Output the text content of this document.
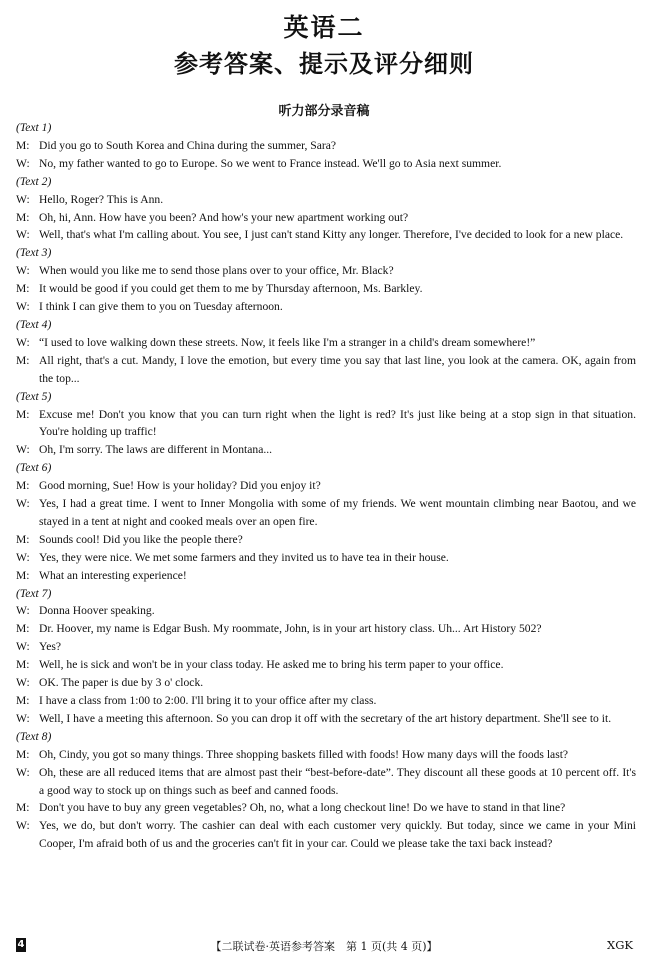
英语二
参考答案、提示及评分细则
听力部分录音稿
(Text 1)
M: Did you go to South Korea and China during the summer, Sara?
W: No, my father wanted to go to Europe. So we went to France instead. We'll go to Asia next summer.
(Text 2)
W: Hello, Roger? This is Ann.
M: Oh, hi, Ann. How have you been? And how's your new apartment working out?
W: Well, that's what I'm calling about. You see, I just can't stand Kitty any longer. Therefore, I've decided to look for a new place.
(Text 3)
W: When would you like me to send those plans over to your office, Mr. Black?
M: It would be good if you could get them to me by Thursday afternoon, Ms. Barkley.
W: I think I can give them to you on Tuesday afternoon.
(Text 4)
W: “I used to love walking down these streets. Now, it feels like I'm a stranger in a child's dream somewhere!”
M: All right, that's a cut. Mandy, I love the emotion, but every time you say that last line, you look at the camera. OK, again from the top...
(Text 5)
M: Excuse me! Don't you know that you can turn right when the light is red? It's just like being at a stop sign in that situation. You're holding up traffic!
W: Oh, I'm sorry. The laws are different in Montana...
(Text 6)
M: Good morning, Sue! How is your holiday? Did you enjoy it?
W: Yes, I had a great time. I went to Inner Mongolia with some of my friends. We went mountain climbing near Baotou, and we stayed in a tent at night and cooked meals over an open fire.
M: Sounds cool! Did you like the people there?
W: Yes, they were nice. We met some farmers and they invited us to have tea in their house.
M: What an interesting experience!
(Text 7)
W: Donna Hoover speaking.
M: Dr. Hoover, my name is Edgar Bush. My roommate, John, is in your art history class. Uh... Art History 502?
W: Yes?
M: Well, he is sick and won't be in your class today. He asked me to bring his term paper to your office.
W: OK. The paper is due by 3 o' clock.
M: I have a class from 1:00 to 2:00. I'll bring it to your office after my class.
W: Well, I have a meeting this afternoon. So you can drop it off with the secretary of the art history department. She'll see to it.
(Text 8)
M: Oh, Cindy, you got so many things. Three shopping baskets filled with foods! How many days will the foods last?
W: Oh, these are all reduced items that are almost past their “best-before-date”. They discount all these goods at 10 percent off. It's a good way to stock up on things such as beef and canned foods.
M: Don't you have to buy any green vegetables? Oh, no, what a long checkout line! Do we have to stand in that line?
W: Yes, we do, but don't worry. The cashier can deal with each customer very quickly. But today, since we came in your Mini Cooper, I'm afraid both of us and the groceries can't fit in your car. Could we please take the taxi back instead?
4	【二联试卷·英语参考答案　第 1 页(共 4 页)】	XGK
